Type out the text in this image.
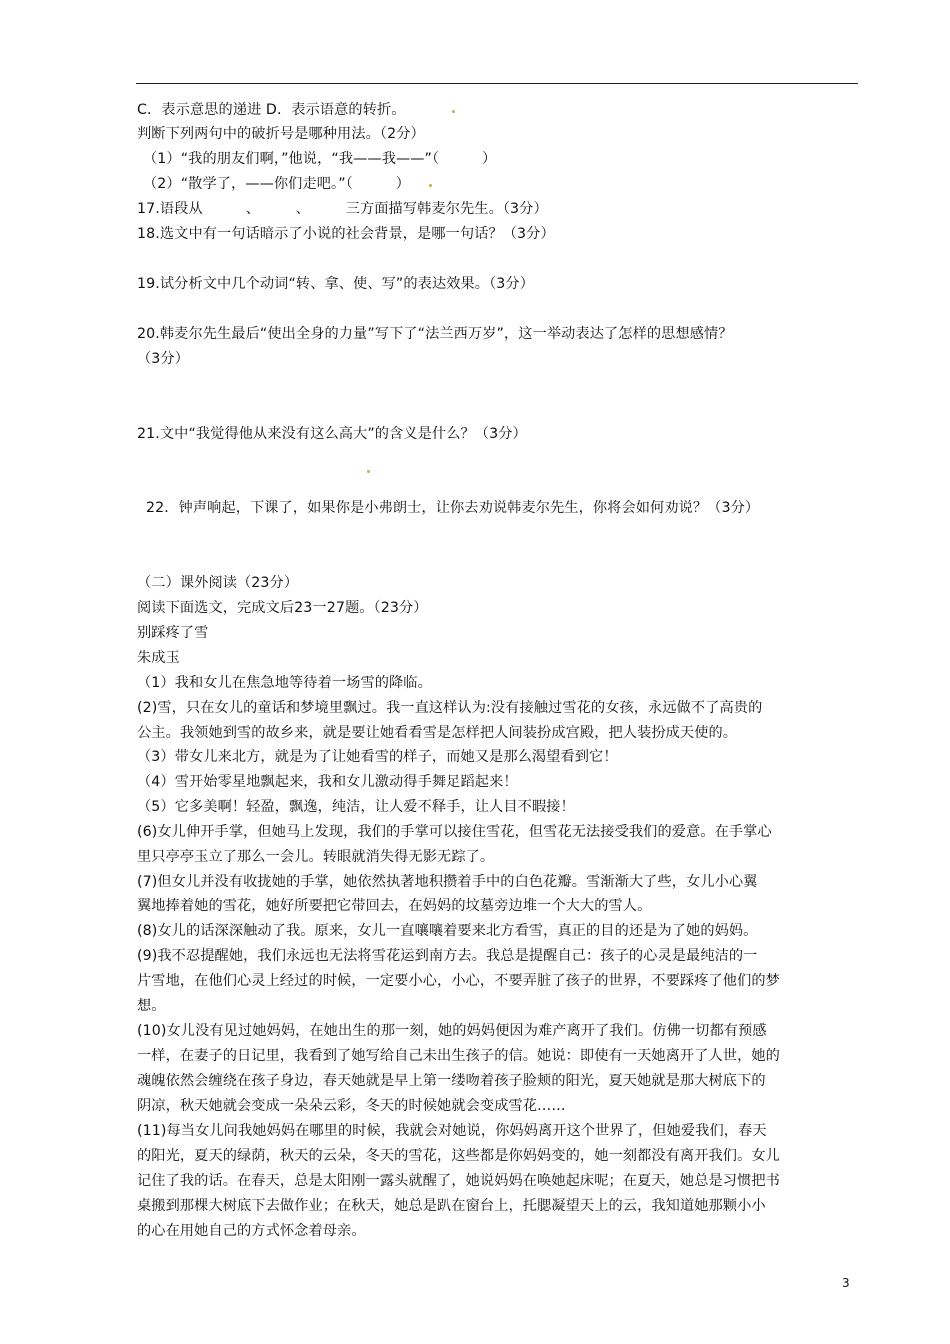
C．表示意思的递进 D．表示语意的转折。
判断下列两句中的破折号是哪种用法。（2分）
（1）“我的朋友们啊，”他说，“我——我——”（　　　）
（2）“散学了，——你们走吧。”（　　　）
17.语段从　　　、　　　、　　　三方面描写韩麦尔先生。（3分）
18.选文中有一句话暗示了小说的社会背景，是哪一句话？（3分）
19.试分析文中几个动词“转、拿、使、写”的表达效果。（3分）
20.韩麦尔先生最后“使出全身的力量”写下了“法兰西万岁”，这一举动表达了怎样的思想感情？
（3分）
21.文中“我觉得他从来没有这么高大”的含义是什么？（3分）
22．钟声响起，下课了，如果你是小弗朗士，让你去劝说韩麦尔先生，你将会如何劝说？（3分）
（二）课外阅读（23分）
阅读下面选文，完成文后23一27题。（23分）
别踩疼了雪
朱成玉
（1）我和女儿在焦急地等待着一场雪的降临。
(2)雪，只在女儿的童话和梦境里飘过。我一直这样认为:没有接触过雪花的女孩，永远做不了高贵的
公主。我领她到雪的故乡来，就是要让她看看雪是怎样把人间装扮成宫殿，把人装扮成天使的。
（3）带女儿来北方，就是为了让她看雪的样子，而她又是那么渴望看到它！
（4）雪开始零星地飘起来，我和女儿激动得手舞足蹈起来！
（5）它多美啊！轻盈，飘逸，纯洁，让人爱不释手，让人目不暇接！
(6)女儿伸开手掌，但她马上发现，我们的手掌可以接住雪花，但雪花无法接受我们的爱意。在手掌心
里只亭亭玉立了那么一会儿。转眼就消失得无影无踪了。
(7)但女儿并没有收拢她的手掌，她依然执著地积攒着手中的白色花瓣。雪渐渐大了些，女儿小心翼
翼地捧着她的雪花，她好所要把它带回去，在妈妈的坟墓旁边堆一个大大的雪人。
(8)女儿的话深深触动了我。原来，女儿一直嚷嚷着要来北方看雪，真正的目的还是为了她的妈妈。
(9)我不忍提醒她，我们永远也无法将雪花运到南方去。我总是提醒自己：孩子的心灵是最纯洁的一
片雪地，在他们心灵上经过的时候，一定要小心，小心，不要弄脏了孩子的世界，不要踩疼了他们的梦
想。
(10)女儿没有见过她妈妈，在她出生的那一刻，她的妈妈便因为难产离开了我们。仿佛一切都有预感
一样，在妻子的日记里，我看到了她写给自己未出生孩子的信。她说：即使有一天她离开了人世，她的
魂魄依然会缠绕在孩子身边，春天她就是早上第一缕吻着孩子脸颊的阳光，夏天她就是那大树底下的
阴凉，秋天她就会变成一朵朵云彩，冬天的时候她就会变成雪花……
(11)每当女儿问我她妈妈在哪里的时候，我就会对她说，你妈妈离开这个世界了，但她爱我们，春天
的阳光，夏天的绿荫，秋天的云朵，冬天的雪花，这些都是你妈妈变的，她一刻都没有离开我们。女儿
记住了我的话。在春天，总是太阳刚一露头就醒了，她说妈妈在唤她起床呢；在夏天，她总是习惯把书
桌搬到那棵大树底下去做作业；在秋天，她总是趴在窗台上，托腮凝望天上的云，我知道她那颗小小
的心在用她自己的方式怀念着母亲。
3
